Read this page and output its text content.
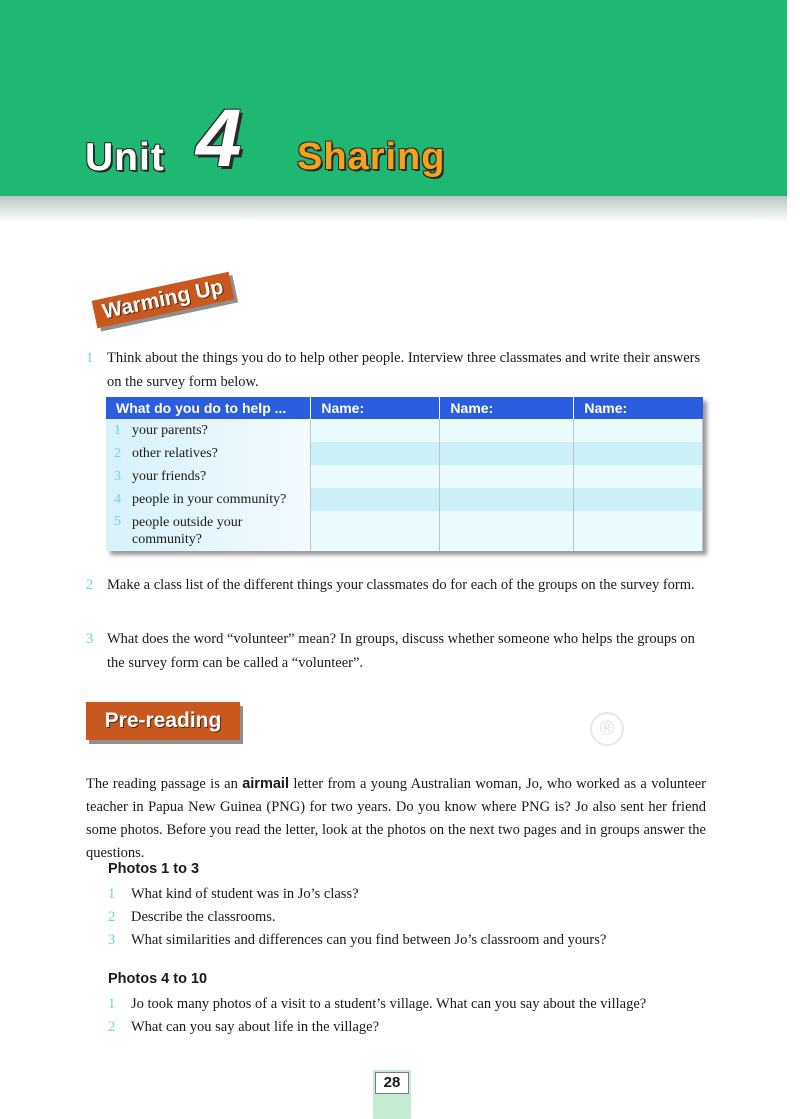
Unit 4 Sharing
Warming Up
1 Think about the things you do to help other people. Interview three classmates and write their answers on the survey form below.
What do you do to help ...	Name:	Name:	Name:
1 your parents?			
2 other relatives?			
3 your friends?			
4 people in your community?			
5 people outside your community?			
2 Make a class list of the different things your classmates do for each of the groups on the survey form.
3 What does the word “volunteer” mean? In groups, discuss whether someone who helps the groups on the survey form can be called a “volunteer”.
Pre-reading	®
The reading passage is an airmail letter from a young Australian woman, Jo, who worked as a volunteer teacher in Papua New Guinea (PNG) for two years. Do you know where PNG is? Jo also sent her friend some photos. Before you read the letter, look at the photos on the next two pages and in groups answer the questions.
Photos 1 to 3
1 What kind of student was in Jo’s class?
2 Describe the classrooms.
3 What similarities and differences can you find between Jo’s classroom and yours?
Photos 4 to 10
1 Jo took many photos of a visit to a student’s village. What can you say about the village?
2 What can you say about life in the village?
28
